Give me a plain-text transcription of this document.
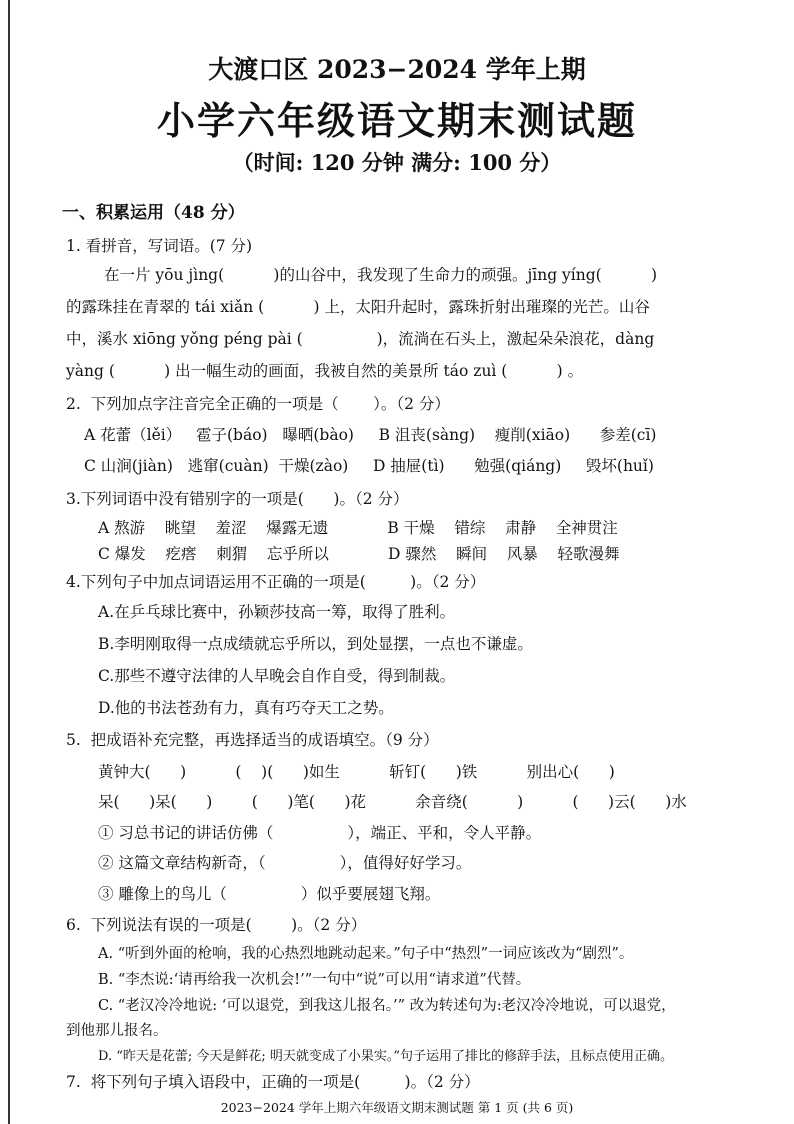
大渡口区 2023−2024 学年上期
小学六年级语文期末测试题
（时间: 120 分钟 满分: 100 分）
一、积累运用（48 分）
1. 看拼音，写词语。(7 分)
在一片 yōu jìng(          )的山谷中，我发现了生命力的顽强。jīng yíng(          )
的露珠挂在青翠的 tái xiǎn (          ) 上，太阳升起时，露珠折射出璀璨的光芒。山谷
中，溪水 xiōng yǒng péng pài (               )，流淌在石头上，激起朵朵浪花，dàng
yàng (          ) 出一幅生动的画面，我被自然的美景所 táo zuì (          ) 。
2.  下列加点字注音完全正确的一项是（       ）。（2 分）
A 花蕾（lěi）   雹子(báo)   曝晒(bào)     B 沮丧(sàng)    瘦削(xiāo)      参差(cī)
C 山涧(jiàn)   逃窜(cuàn)  干燥(zào)     D 抽屉(tì)      勉强(qiáng)     毁坏(huǐ)
3.下列词语中没有错别字的一项是(      )。（2 分）
A 熬游    眺望    羞涩    爆露无遗            B 干燥    错综    肃静    全神贯注
C 爆发    疙瘩    刺猬    忘乎所以            D 骤然    瞬间    风暴    轻歌漫舞
4.下列句子中加点词语运用不正确的一项是(         )。（2 分）
A.在乒乓球比赛中，孙颖莎技高一筹，取得了胜利。
B.李明刚取得一点成绩就忘乎所以，到处显摆，一点也不谦虚。
C.那些不遵守法律的人早晚会自作自受，得到制裁。
D.他的书法苍劲有力，真有巧夺天工之势。
5.  把成语补充完整，再选择适当的成语填空。（9 分）
黄钟大(      )          (    )(      )如生          斩钉(      )铁          别出心(      )
呆(      )呆(      )        (      )笔(      )花          余音绕(          )          (      )云(      )水
① 习总书记的讲话仿佛（               ），端正、平和，令人平静。
② 这篇文章结构新奇，（               ），值得好好学习。
③ 雕像上的鸟儿（               ）似乎要展翅飞翔。
6.  下列说法有误的一项是(        )。（2 分）
A. “听到外面的枪响，我的心热烈地跳动起来。”句子中“热烈”一词应该改为“剧烈”。
B. “李杰说:‘请再给我一次机会!’”一句中“说”可以用“请求道”代替。
C. “老汉冷冷地说: ‘可以退党，到我这儿报名。’” 改为转述句为:老汉冷冷地说，可以退党，
到他那儿报名。
D. “昨天是花蕾; 今天是鲜花; 明天就变成了小果实。”句子运用了排比的修辞手法，且标点使用正确。
7.  将下列句子填入语段中，正确的一项是(         )。（2 分）
2023−2024 学年上期六年级语文期末测试题 第 1 页 (共 6 页)
